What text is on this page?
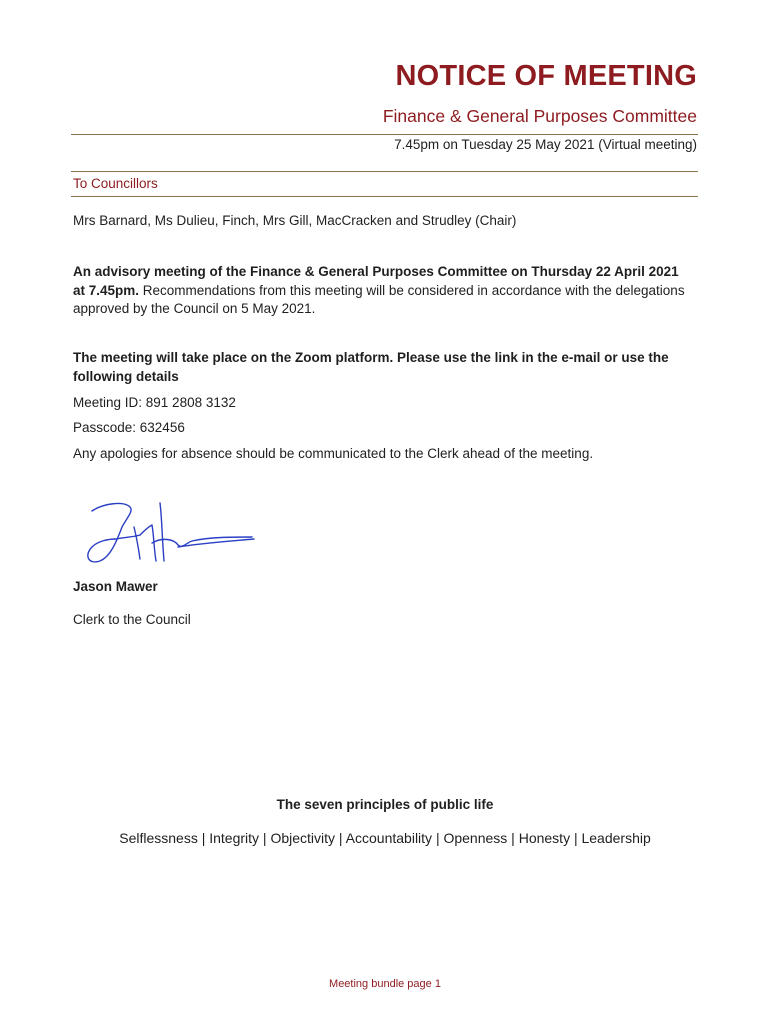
NOTICE OF MEETING
Finance & General Purposes Committee
7.45pm on Tuesday 25 May 2021 (Virtual meeting)
To Councillors
Mrs Barnard, Ms Dulieu, Finch, Mrs Gill, MacCracken and Strudley (Chair)
An advisory meeting of the Finance & General Purposes Committee on Thursday 22 April 2021 at 7.45pm. Recommendations from this meeting will be considered in accordance with the delegations approved by the Council on 5 May 2021.
The meeting will take place on the Zoom platform. Please use the link in the e-mail or use the following details
Meeting ID: 891 2808 3132
Passcode: 632456
Any apologies for absence should be communicated to the Clerk ahead of the meeting.
Jason Mawer
Clerk to the Council
The seven principles of public life
Selflessness | Integrity | Objectivity | Accountability | Openness | Honesty | Leadership
Meeting bundle page 1
